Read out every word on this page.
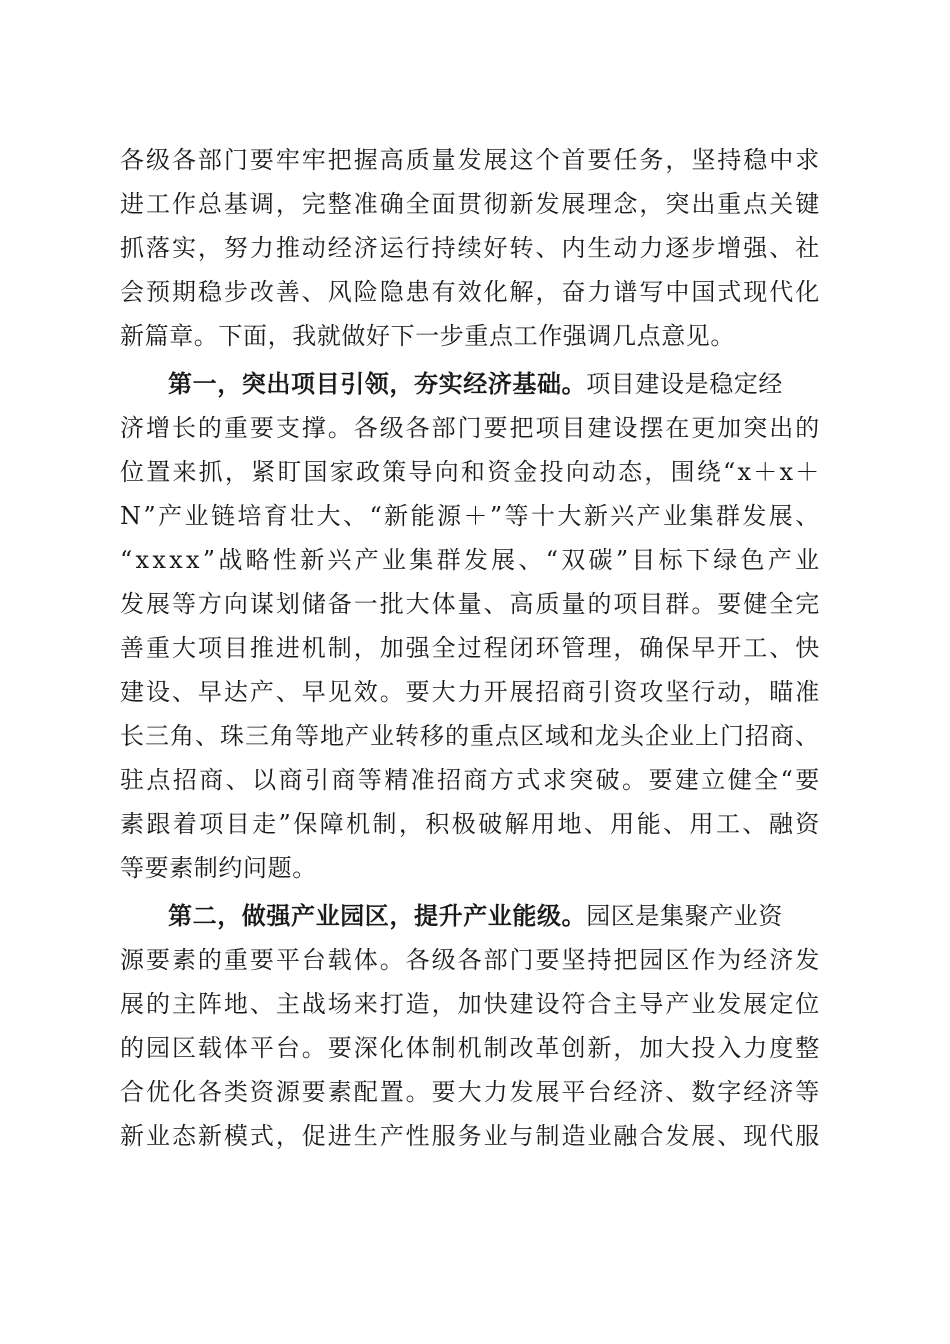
各 级 各 部 门 要 牢 牢 把 握 高 质 量 发 展 这 个 首 要 任 务 ， 坚 持 稳 中 求
进 工 作 总 基 调 ， 完 整 准 确 全 面 贯 彻 新 发 展 理 念 ， 突 出 重 点 关 键
抓 落 实 ， 努 力 推 动 经 济 运 行 持 续 好 转 、 内 生 动 力 逐 步 增 强 、 社
会 预 期 稳 步 改 善 、 风 险 隐 患 有 效 化 解 ， 奋 力 谱 写 中 国 式 现 代 化
新篇章。下面，我就做好下一步重点工作强调几点意见。
第一，突出项目引领，夯实经济基础。项目建设是稳定经
济 增 长 的 重 要 支 撑 。 各 级 各 部 门 要 把 项 目 建 设 摆 在 更 加 突 出 的
位 置 来 抓 ， 紧 盯 国 家 政 策 导 向 和 资 金 投 向 动 态 ， 围 绕 “ x ＋ x ＋
N ” 产 业 链 培 育 壮 大 、 “ 新 能 源 ＋ ” 等 十 大 新 兴 产 业 集 群 发 展 、
“ x x x x ” 战 略 性 新 兴 产 业 集 群 发 展 、 “ 双 碳 ” 目 标 下 绿 色 产 业
发 展 等 方 向 谋 划 储 备 一 批 大 体 量 、 高 质 量 的 项 目 群 。 要 健 全 完
善 重 大 项 目 推 进 机 制 ， 加 强 全 过 程 闭 环 管 理 ， 确 保 早 开 工 、 快
建 设 、 早 达 产 、 早 见 效 。 要 大 力 开 展 招 商 引 资 攻 坚 行 动 ， 瞄 准
长 三 角 、 珠 三 角 等 地 产 业 转 移 的 重 点 区 域 和 龙 头 企 业 上 门 招 商 、
驻 点 招 商 、 以 商 引 商 等 精 准 招 商 方 式 求 突 破 。 要 建 立 健 全 “ 要
素 跟 着 项 目 走 ” 保 障 机 制 ， 积 极 破 解 用 地 、 用 能 、 用 工 、 融 资
等要素制约问题。
第二，做强产业园区，提升产业能级。园区是集聚产业资
源 要 素 的 重 要 平 台 载 体 。 各 级 各 部 门 要 坚 持 把 园 区 作 为 经 济 发
展 的 主 阵 地 、 主 战 场 来 打 造 ， 加 快 建 设 符 合 主 导 产 业 发 展 定 位
的 园 区 载 体 平 台 。 要 深 化 体 制 机 制 改 革 创 新 ， 加 大 投 入 力 度 整
合 优 化 各 类 资 源 要 素 配 置 。 要 大 力 发 展 平 台 经 济 、 数 字 经 济 等
新 业 态 新 模 式 ， 促 进 生 产 性 服 务 业 与 制 造 业 融 合 发 展 、 现 代 服
